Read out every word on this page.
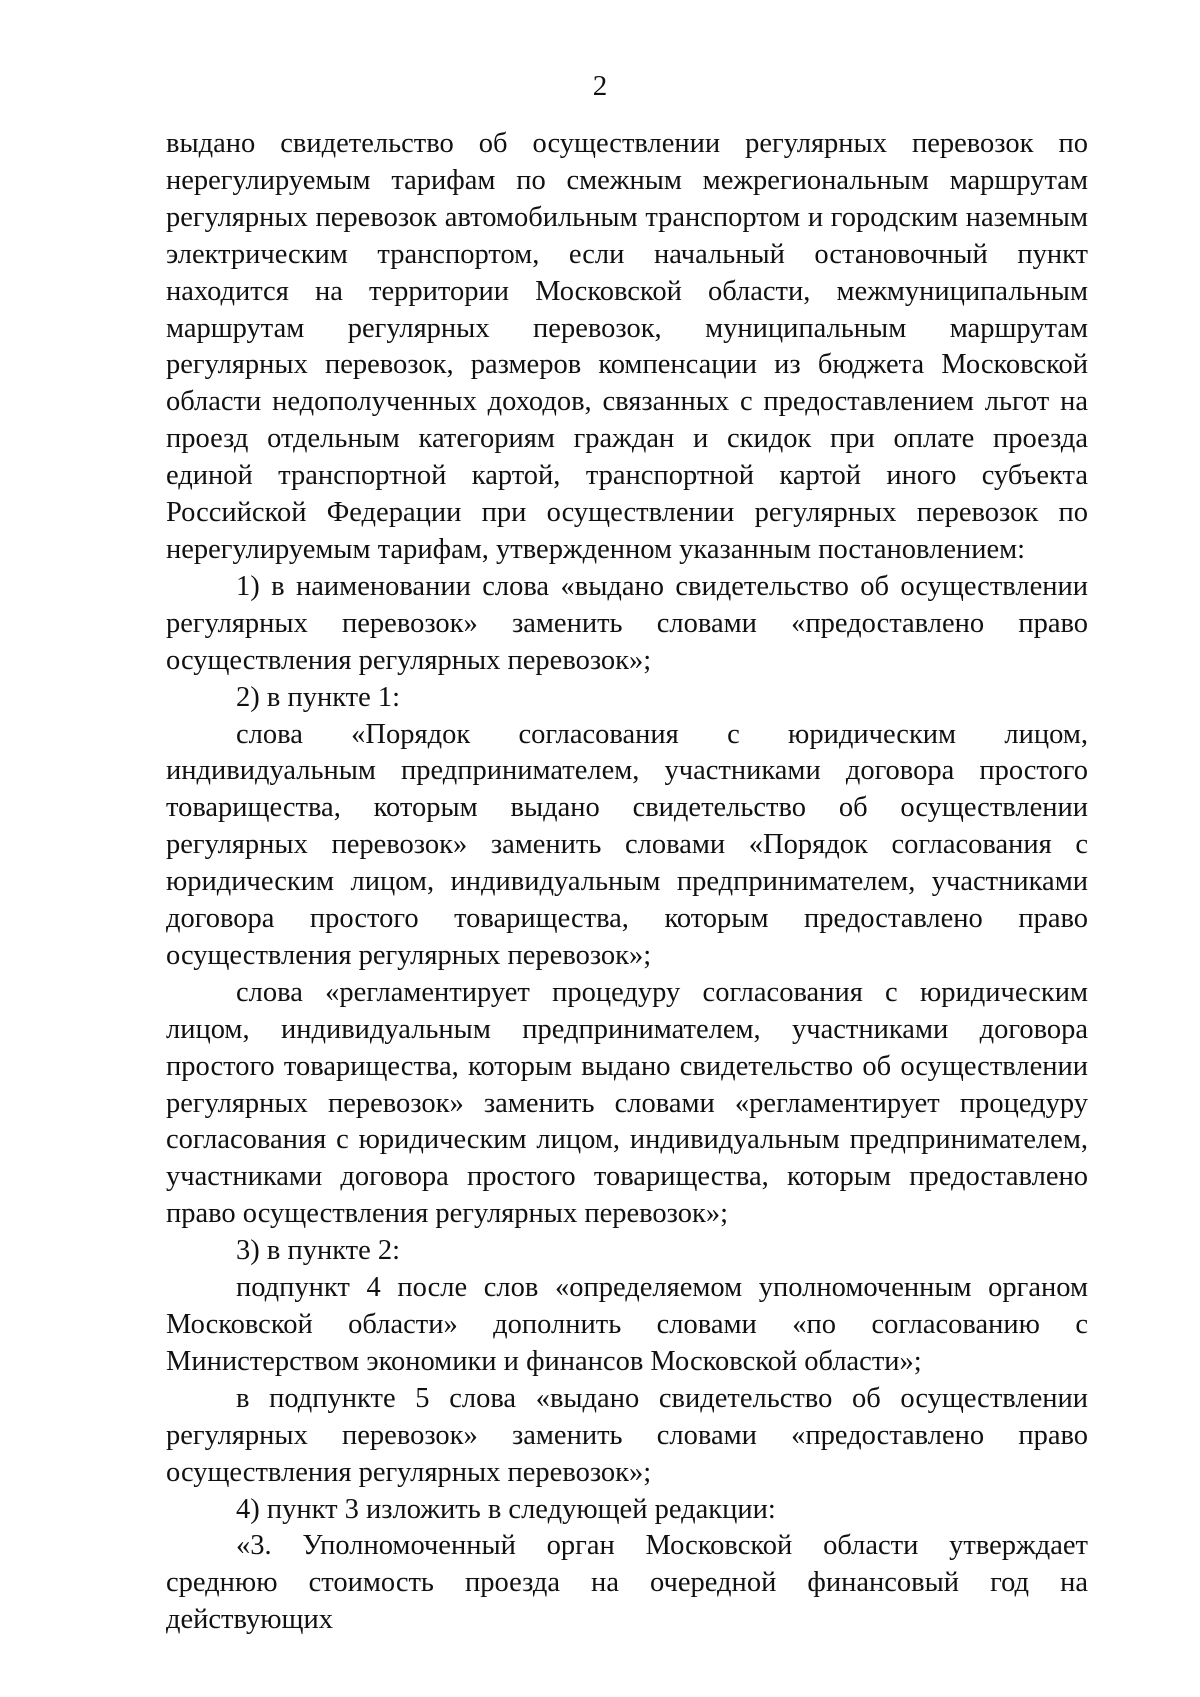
2

выдано свидетельство об осуществлении регулярных перевозок по нерегулируемым тарифам по смежным межрегиональным маршрутам регулярных перевозок автомобильным транспортом и городским наземным электрическим транспортом, если начальный остановочный пункт находится на территории Московской области, межмуниципальным маршрутам регулярных перевозок, муниципальным маршрутам регулярных перевозок, размеров компенсации из бюджета Московской области недополученных доходов, связанных с предоставлением льгот на проезд отдельным категориям граждан и скидок при оплате проезда единой транспортной картой, транспортной картой иного субъекта Российской Федерации при осуществлении регулярных перевозок по нерегулируемым тарифам, утвержденном указанным постановлением:

1) в наименовании слова «выдано свидетельство об осуществлении регулярных перевозок» заменить словами «предоставлено право осуществления регулярных перевозок»;

2) в пункте 1:

слова «Порядок согласования с юридическим лицом, индивидуальным предпринимателем, участниками договора простого товарищества, которым выдано свидетельство об осуществлении регулярных перевозок» заменить словами «Порядок согласования с юридическим лицом, индивидуальным предпринимателем, участниками договора простого товарищества, которым предоставлено право осуществления регулярных перевозок»;

слова «регламентирует процедуру согласования с юридическим лицом, индивидуальным предпринимателем, участниками договора простого товарищества, которым выдано свидетельство об осуществлении регулярных перевозок» заменить словами «регламентирует процедуру согласования с юридическим лицом, индивидуальным предпринимателем, участниками договора простого товарищества, которым предоставлено право осуществления регулярных перевозок»;

3) в пункте 2:

подпункт 4 после слов «определяемом уполномоченным органом Московской области» дополнить словами «по согласованию с Министерством экономики и финансов Московской области»;

в подпункте 5 слова «выдано свидетельство об осуществлении регулярных перевозок» заменить словами «предоставлено право осуществления регулярных перевозок»;

4) пункт 3 изложить в следующей редакции:

«3. Уполномоченный орган Московской области утверждает среднюю стоимость проезда на очередной финансовый год на действующих
